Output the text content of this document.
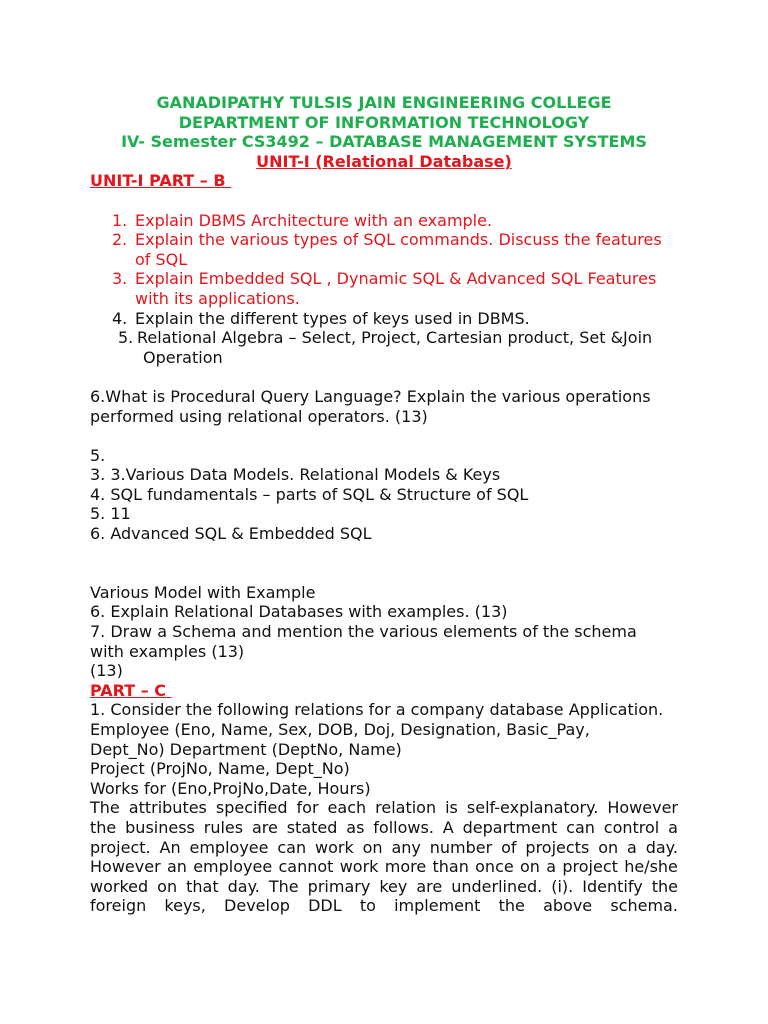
GANADIPATHY TULSIS JAIN ENGINEERING COLLEGE
DEPARTMENT OF INFORMATION TECHNOLOGY
IV- Semester CS3492 – DATABASE MANAGEMENT SYSTEMS
UNIT-I (Relational Database)
UNIT-I PART – B
1. Explain DBMS Architecture with an example.
2. Explain the various types of SQL commands. Discuss the features
of SQL
3. Explain Embedded SQL , Dynamic SQL & Advanced SQL Features
with its applications.
4. Explain the different types of keys used in DBMS.
5. Relational Algebra – Select, Project, Cartesian product, Set &Join
Operation
6.What is Procedural Query Language? Explain the various operations
performed using relational operators. (13)
5.
3. 3.Various Data Models. Relational Models & Keys
4. SQL fundamentals – parts of SQL & Structure of SQL
5. 11
6. Advanced SQL & Embedded SQL
Various Model with Example
6. Explain Relational Databases with examples. (13)
7. Draw a Schema and mention the various elements of the schema
with examples (13)
(13)
PART – C
1. Consider the following relations for a company database Application.
Employee (Eno, Name, Sex, DOB, Doj, Designation, Basic_Pay,
Dept_No) Department (DeptNo, Name)
Project (ProjNo, Name, Dept_No)
Works for (Eno,ProjNo,Date, Hours)
The attributes specified for each relation is self-explanatory. However
the business rules are stated as follows. A department can control a
project. An employee can work on any number of projects on a day.
However an employee cannot work more than once on a project he/she
worked on that day. The primary key are underlined. (i). Identify the
foreign keys, Develop DDL to implement the above schema.
